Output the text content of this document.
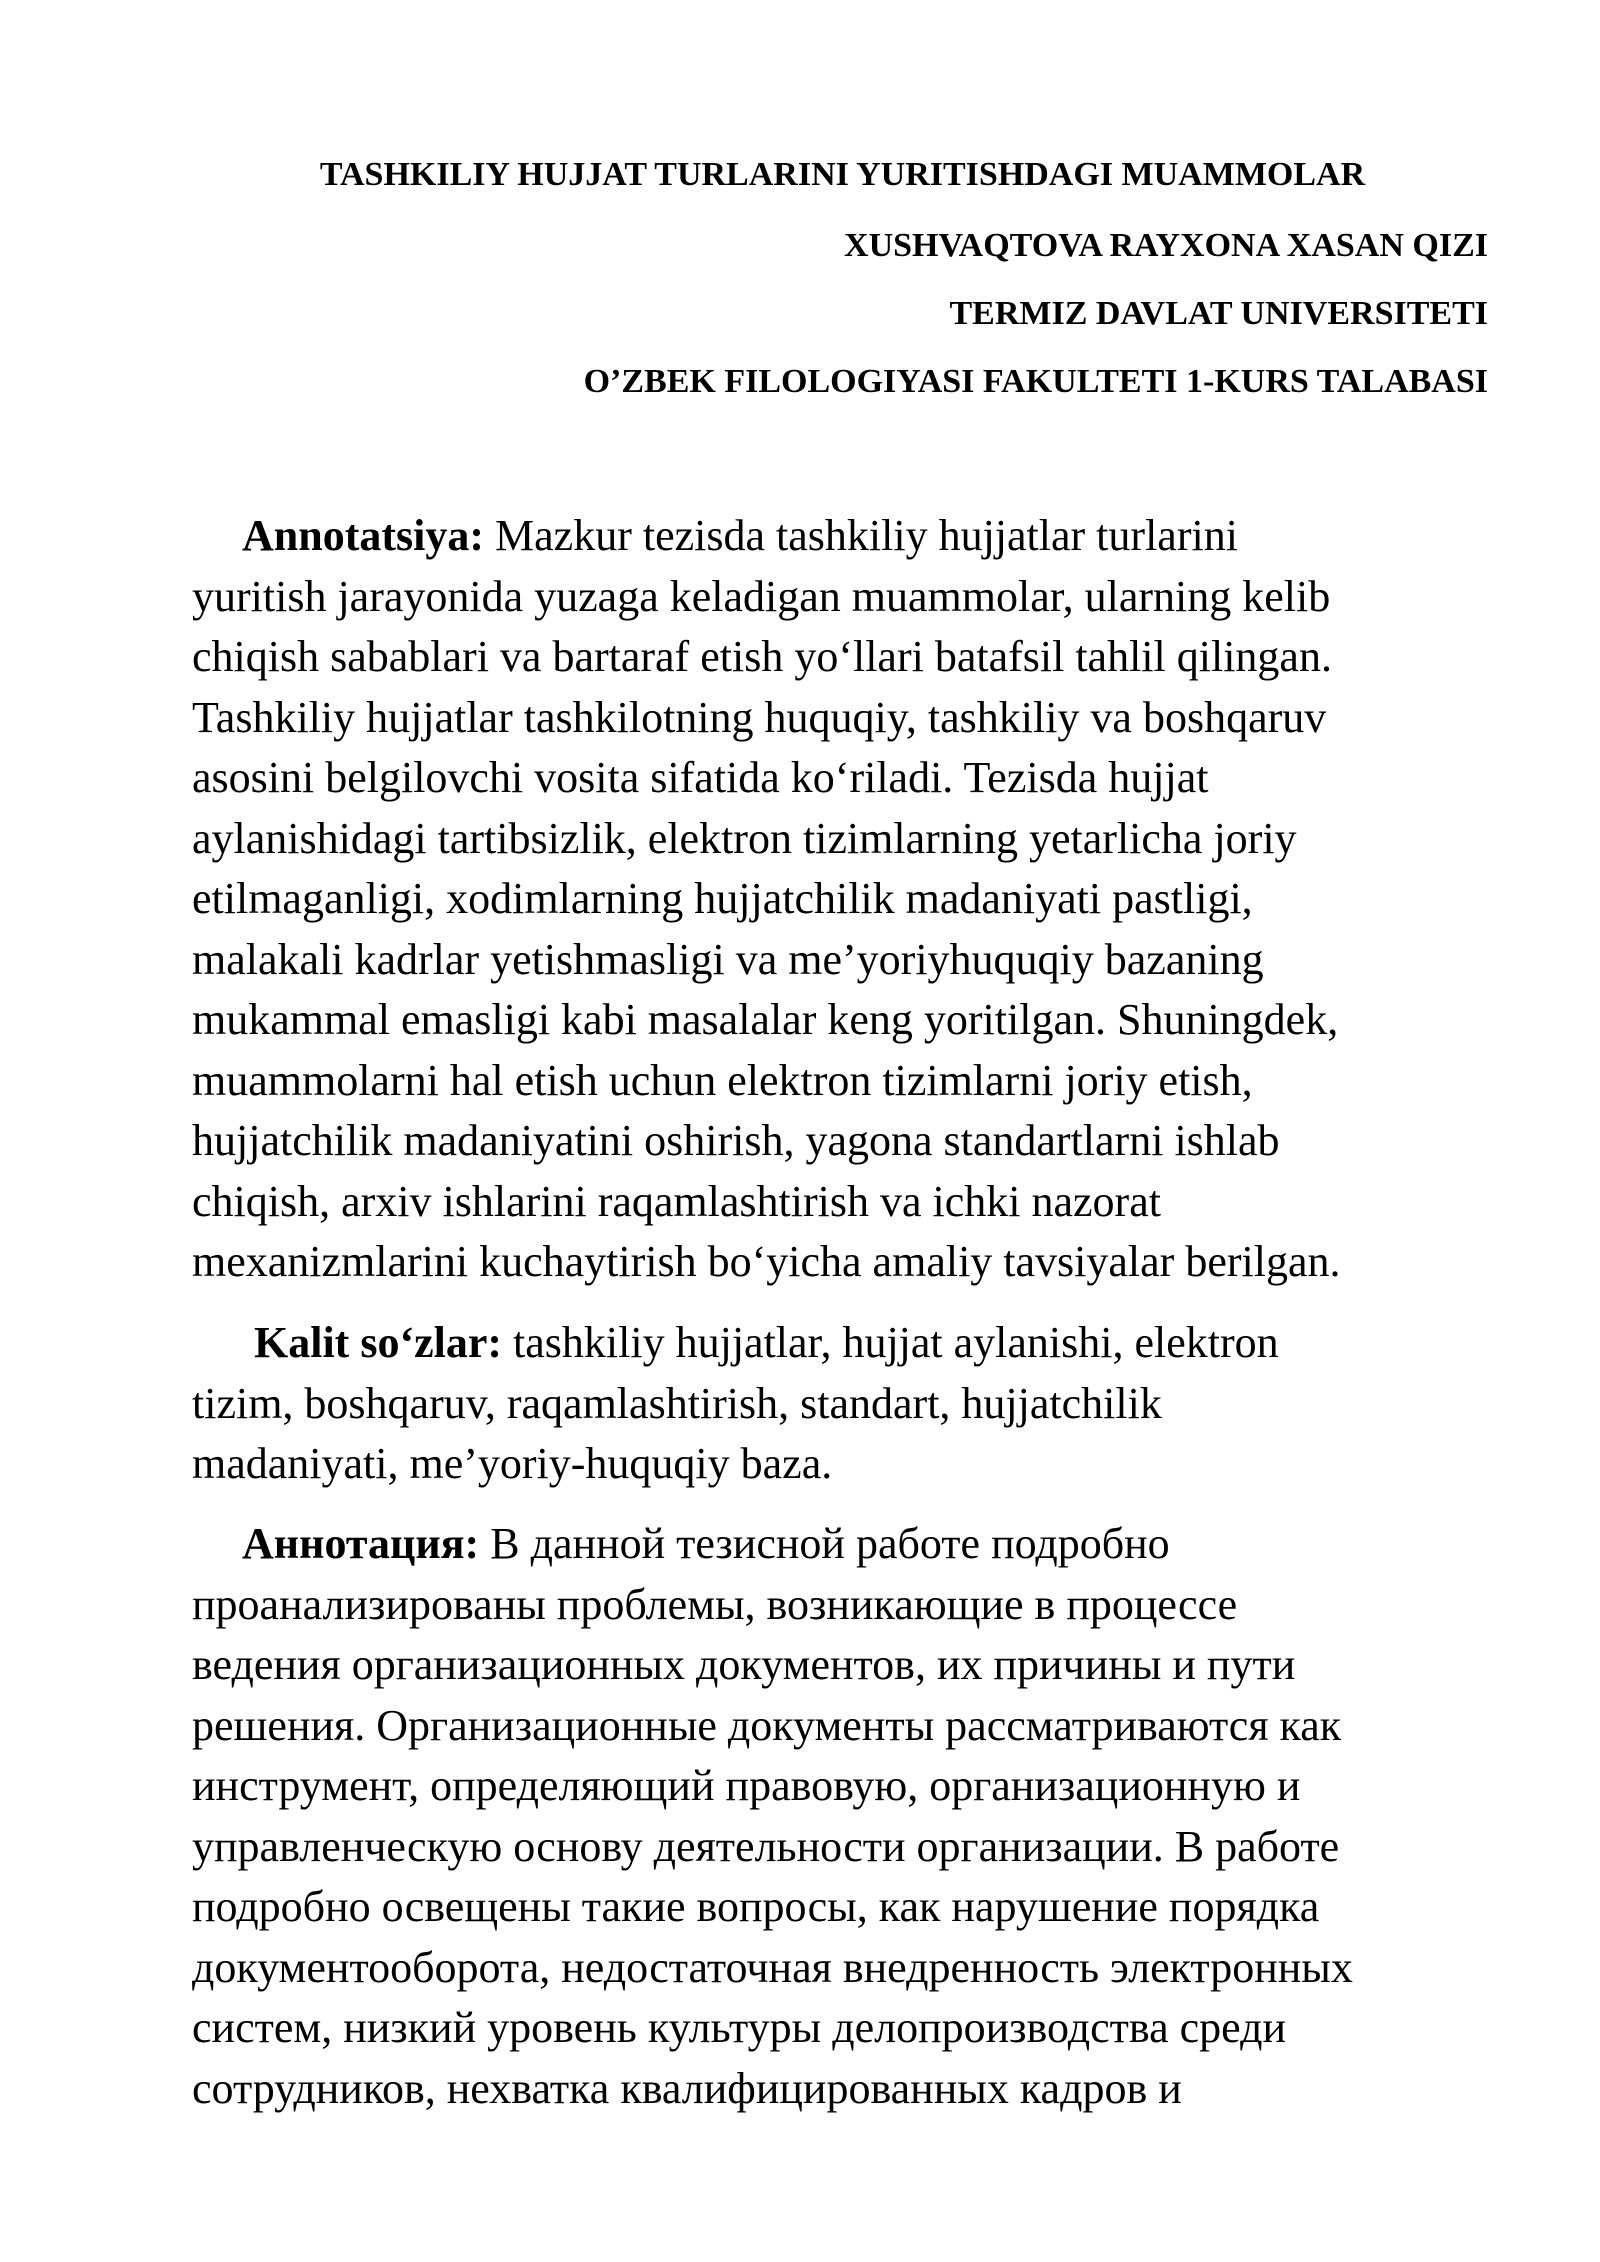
TASHKILIY HUJJAT TURLARINI YURITISHDAGI MUAMMOLAR
XUSHVAQTOVA RAYXONA XASAN QIZI
TERMIZ DAVLAT UNIVERSITETI
O’ZBEK FILOLOGIYASI FAKULTETI 1-KURS TALABASI
Annotatsiya: Mazkur tezisda tashkiliy hujjatlar turlarini
yuritish jarayonida yuzaga keladigan muammolar, ularning kelib
chiqish sabablari va bartaraf etish yo‘llari batafsil tahlil qilingan.
Tashkiliy hujjatlar tashkilotning huquqiy, tashkiliy va boshqaruv
asosini belgilovchi vosita sifatida ko‘riladi. Tezisda hujjat
aylanishidagi tartibsizlik, elektron tizimlarning yetarlicha joriy
etilmaganligi, xodimlarning hujjatchilik madaniyati pastligi,
malakali kadrlar yetishmasligi va me’yoriyhuquqiy bazaning
mukammal emasligi kabi masalalar keng yoritilgan. Shuningdek,
muammolarni hal etish uchun elektron tizimlarni joriy etish,
hujjatchilik madaniyatini oshirish, yagona standartlarni ishlab
chiqish, arxiv ishlarini raqamlashtirish va ichki nazorat
mexanizmlarini kuchaytirish bo‘yicha amaliy tavsiyalar berilgan.
Kalit so‘zlar: tashkiliy hujjatlar, hujjat aylanishi, elektron
tizim, boshqaruv, raqamlashtirish, standart, hujjatchilik
madaniyati, me’yoriy-huquqiy baza.
Аннотация: В данной тезисной работе подробно
проанализированы проблемы, возникающие в процессе
ведения организационных документов, их причины и пути
решения. Организационные документы рассматриваются как
инструмент, определяющий правовую, организационную и
управленческую основу деятельности организации. В работе
подробно освещены такие вопросы, как нарушение порядка
документооборота, недостаточная внедренность электронных
систем, низкий уровень культуры делопроизводства среди
сотрудников, нехватка квалифицированных кадров и
